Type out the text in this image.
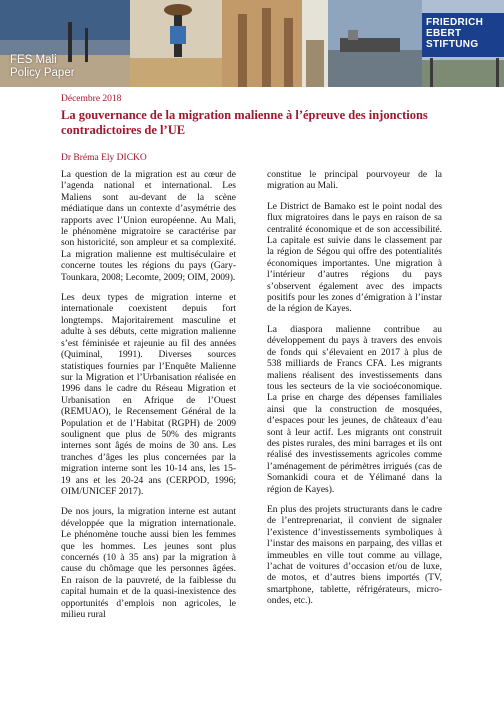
FES Mali
Policy Paper
FRIEDRICH
EBERT
STIFTUNG
Décembre 2018
La gouvernance de la migration malienne à l’épreuve des injonctions contradictoires de l’UE
Dr Bréma Ely DICKO

La question de la migration est au cœur de l’agenda national et international. Les Maliens sont au-devant de la scène médiatique dans un contexte d’asymétrie des rapports avec l’Union européenne. Au Mali, le phénomène migratoire se caractérise par son historicité, son ampleur et sa complexité. La migration malienne est multiséculaire et concerne toutes les régions du pays (Gary-Tounkara, 2008; Lecomte, 2009; OIM, 2009).

Les deux types de migration interne et internationale coexistent depuis fort longtemps. Majoritairement masculine et adulte à ses débuts, cette migration malienne s’est féminisée et rajeunie au fil des années (Quiminal, 1991). Diverses sources statistiques fournies par l’Enquête Malienne sur la Migration et l’Urbanisation réalisée en 1996 dans le cadre du Réseau Migration et Urbanisation en Afrique de l’Ouest (REMUAO), le Recensement Général de la Population et de l’Habitat (RGPH) de 2009 soulignent que plus de 50% des migrants internes sont âgés de moins de 30 ans. Les tranches d’âges les plus concernées par la migration interne sont les 10-14 ans, les 15-19 ans et les 20-24 ans (CERPOD, 1996; OIM/UNICEF 2017).

De nos jours, la migration interne est autant développée que la migration internationale. Le phénomène touche aussi bien les femmes que les hommes. Les jeunes sont plus concernés (10 à 35 ans) par la migration à cause du chômage que les personnes âgées. En raison de la pauvreté, de la faiblesse du capital humain et de la quasi-inexistence des opportunités d’emplois non agricoles, le milieu rural

constitue le principal pourvoyeur de la migration au Mali.

Le District de Bamako est le point nodal des flux migratoires dans le pays en raison de sa centralité économique et de son accessibilité. La capitale est suivie dans le classement par la région de Ségou qui offre des potentialités économiques importantes. Une migration à l’intérieur d’autres régions du pays s’observent également avec des impacts positifs pour les zones d’émigration à l’instar de la région de Kayes.

La diaspora malienne contribue au développement du pays à travers des envois de fonds qui s’élevaient en 2017 à plus de 538 milliards de Francs CFA. Les migrants maliens réalisent des investissements dans tous les secteurs de la vie socioéconomique. La prise en charge des dépenses familiales ainsi que la construction de mosquées, d’espaces pour les jeunes, de châteaux d’eau sont à leur actif. Les migrants ont construit des pistes rurales, des mini barrages et ils ont réalisé des investissements agricoles comme l’aménagement de périmètres irrigués (cas de Somankidi coura et de Yélimané dans la région de Kayes).

En plus des projets structurants dans le cadre de l’entreprenariat, il convient de signaler l’existence d’investissements symboliques à l’instar des maisons en parpaing, des villas et immeubles en ville tout comme au village, l’achat de voitures d’occasion et/ou de luxe, de motos, et d’autres biens importés (TV, smartphone, tablette, réfrigérateurs, micro-ondes, etc.).
